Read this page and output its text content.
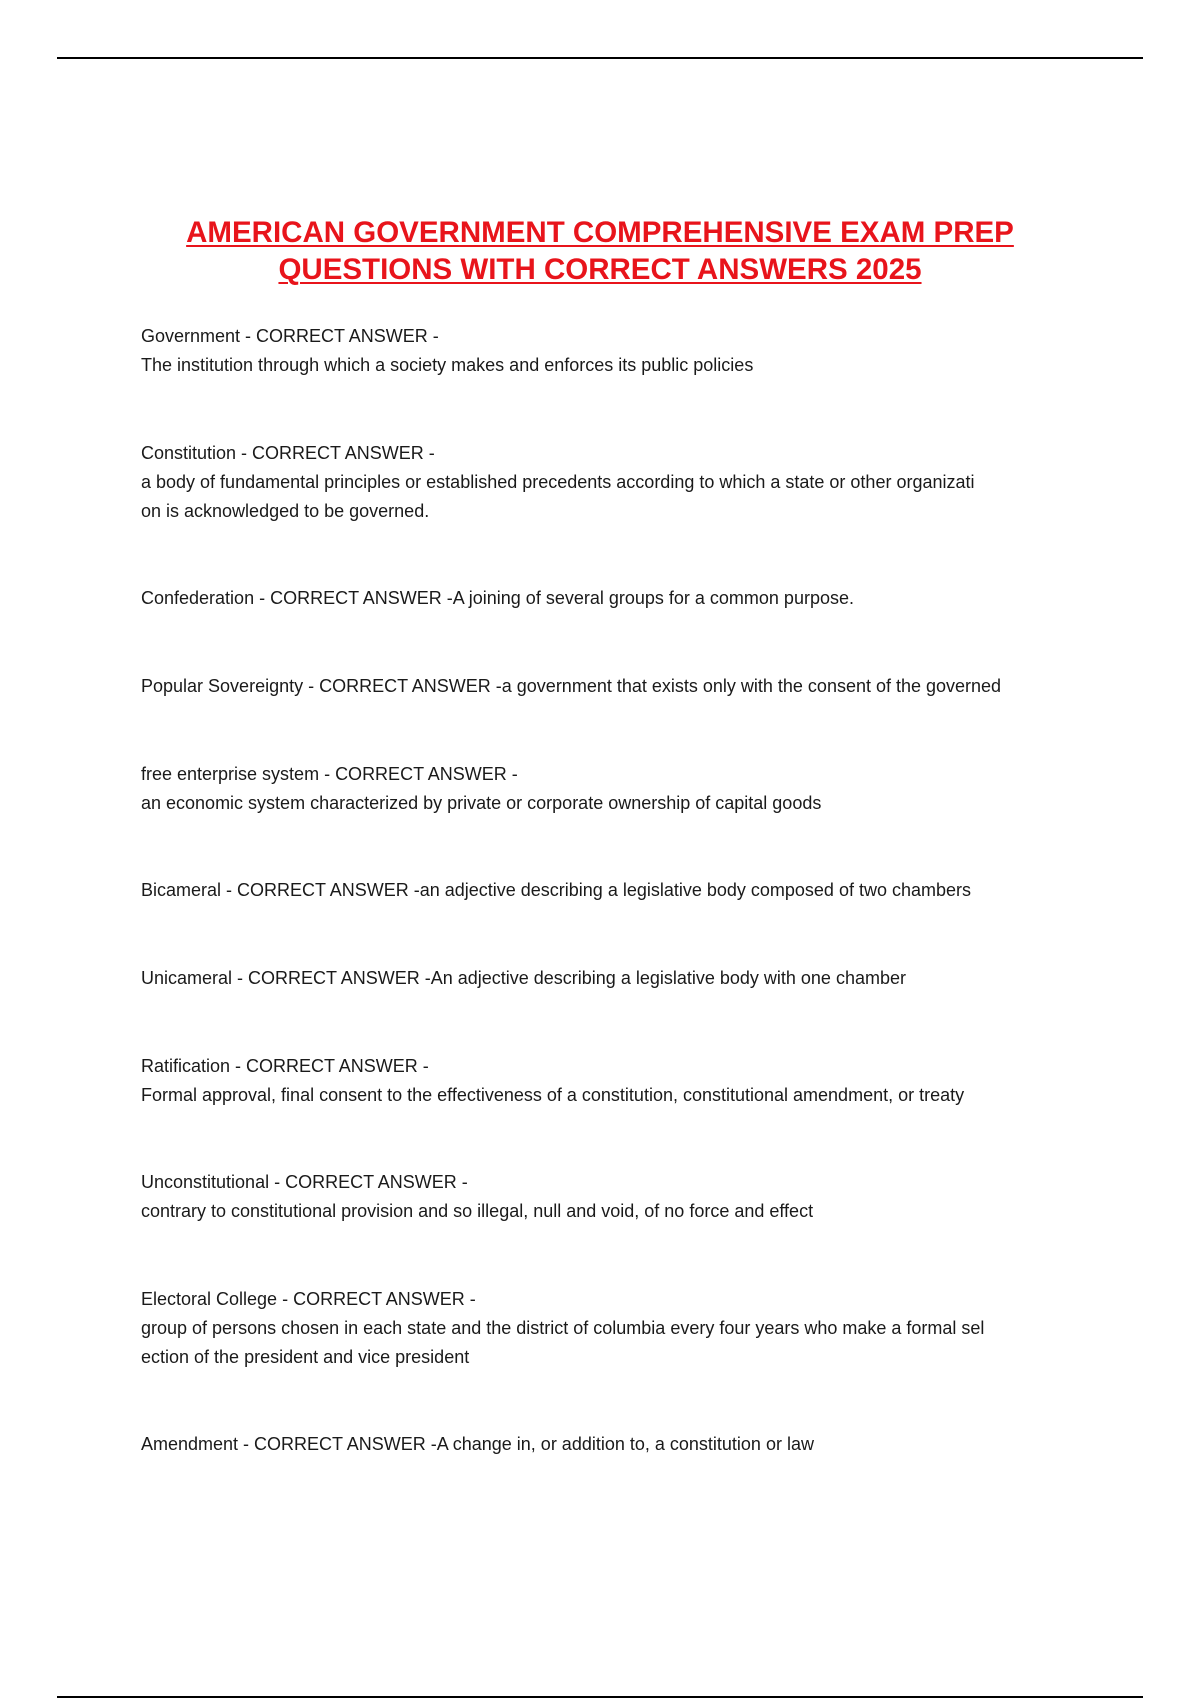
AMERICAN GOVERNMENT COMPREHENSIVE EXAM PREP
QUESTIONS WITH CORRECT ANSWERS 2025
Government - CORRECT ANSWER -
The institution through which a society makes and enforces its public policies
Constitution - CORRECT ANSWER -
a body of fundamental principles or established precedents according to which a state or other organizati
on is acknowledged to be governed.
Confederation - CORRECT ANSWER -A joining of several groups for a common purpose.
Popular Sovereignty - CORRECT ANSWER -a government that exists only with the consent of the governed
free enterprise system - CORRECT ANSWER -
an economic system characterized by private or corporate ownership of capital goods
Bicameral - CORRECT ANSWER -an adjective describing a legislative body composed of two chambers
Unicameral - CORRECT ANSWER -An adjective describing a legislative body with one chamber
Ratification - CORRECT ANSWER -
Formal approval, final consent to the effectiveness of a constitution, constitutional amendment, or treaty
Unconstitutional - CORRECT ANSWER -
contrary to constitutional provision and so illegal, null and void, of no force and effect
Electoral College - CORRECT ANSWER -
group of persons chosen in each state and the district of columbia every four years who make a formal sel
ection of the president and vice president
Amendment - CORRECT ANSWER -A change in, or addition to, a constitution or law
